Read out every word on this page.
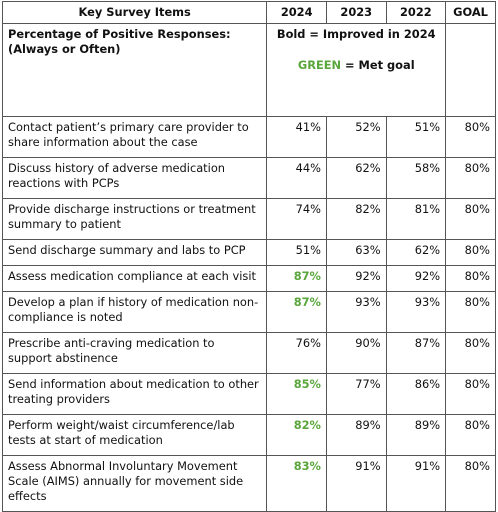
Key Survey Items	2024	2023	2022	GOAL
Percentage of Positive Responses:
(Always or Often)	Bold = Improved in 2024
GREEN = Met goal			

Contact patient’s primary care provider to share information about the case	41%	52%	51%	80%
Discuss history of adverse medication reactions with PCPs	44%	62%	58%	80%
Provide discharge instructions or treatment summary to patient	74%	82%	81%	80%
Send discharge summary and labs to PCP	51%	63%	62%	80%
Assess medication compliance at each visit	87%	92%	92%	80%
Develop a plan if history of medication non-compliance is noted	87%	93%	93%	80%
Prescribe anti-craving medication to support abstinence	76%	90%	87%	80%
Send information about medication to other treating providers	85%	77%	86%	80%
Perform weight/waist circumference/lab tests at start of medication	82%	89%	89%	80%
Assess Abnormal Involuntary Movement Scale (AIMS) annually for movement side effects	83%	91%	91%	80%
